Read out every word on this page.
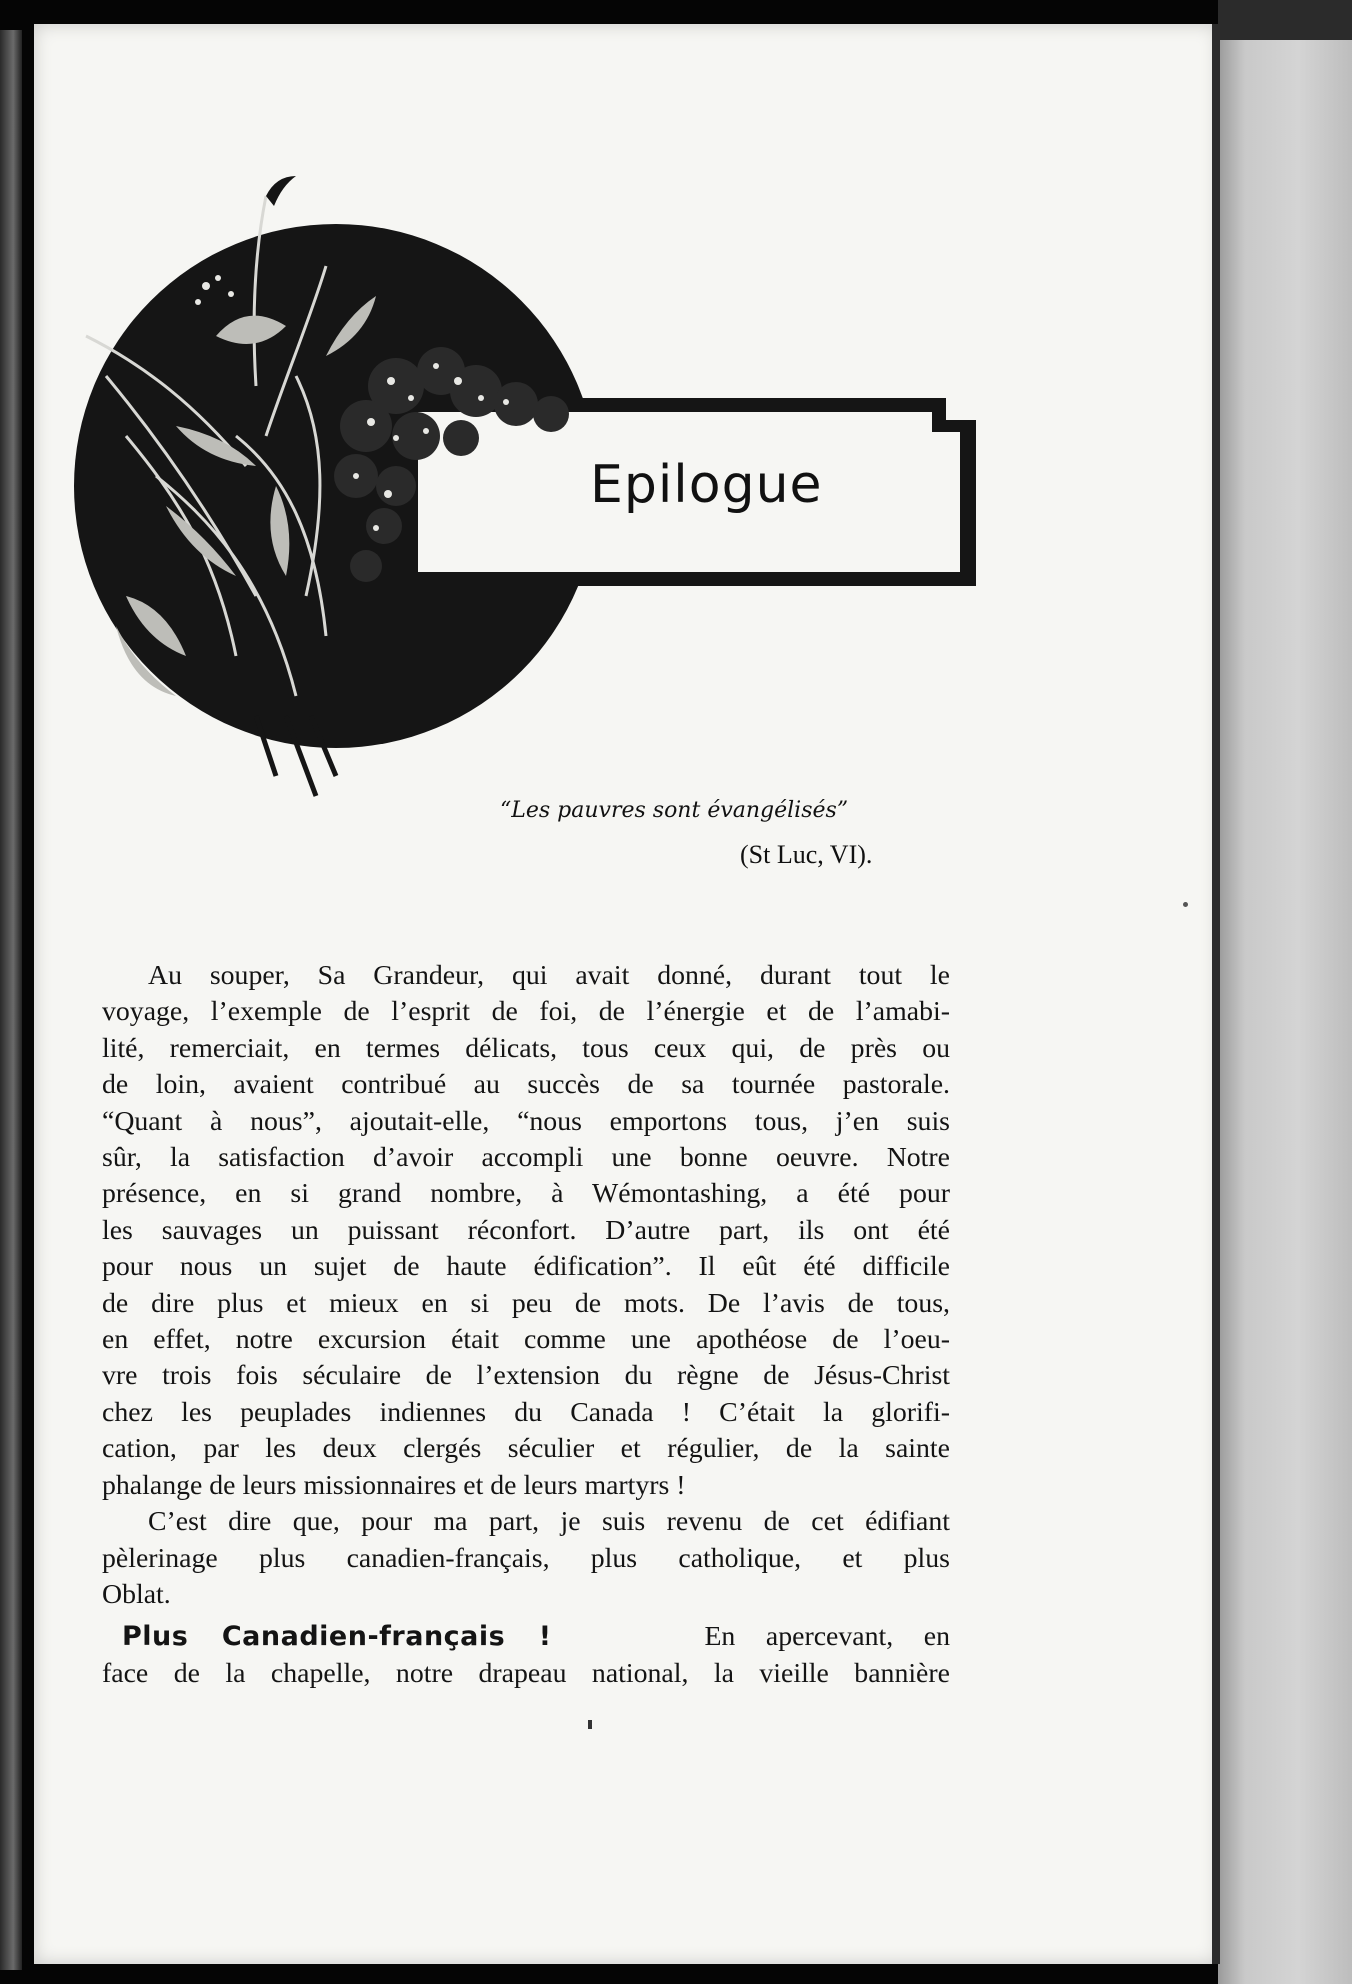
Epilogue
“Les pauvres sont évangélisés”
(St Luc, VI).

Au souper, Sa Grandeur, qui avait donné, durant tout le
voyage, l’exemple de l’esprit de foi, de l’énergie et de l’amabi-
lité, remerciait, en termes délicats, tous ceux qui, de près ou
de loin, avaient contribué au succès de sa tournée pastorale.
“Quant à nous”, ajoutait-elle, “nous emportons tous, j’en suis
sûr, la satisfaction d’avoir accompli une bonne oeuvre. Notre
présence, en si grand nombre, à Wémontashing, a été pour
les sauvages un puissant réconfort. D’autre part, ils ont été
pour nous un sujet de haute édification”. Il eût été difficile
de dire plus et mieux en si peu de mots. De l’avis de tous,
en effet, notre excursion était comme une apothéose de l’oeu-
vre trois fois séculaire de l’extension du règne de Jésus-Christ
chez les peuplades indiennes du Canada ! C’était la glorifi-
cation, par les deux clergés séculier et régulier, de la sainte
phalange de leurs missionnaires et de leurs martyrs !

C’est dire que, pour ma part, je suis revenu de cet édifiant
pèlerinage plus canadien-français, plus catholique, et plus
Oblat.

Plus Canadien-français !	En apercevant, en
face de la chapelle, notre drapeau national, la vieille bannière
